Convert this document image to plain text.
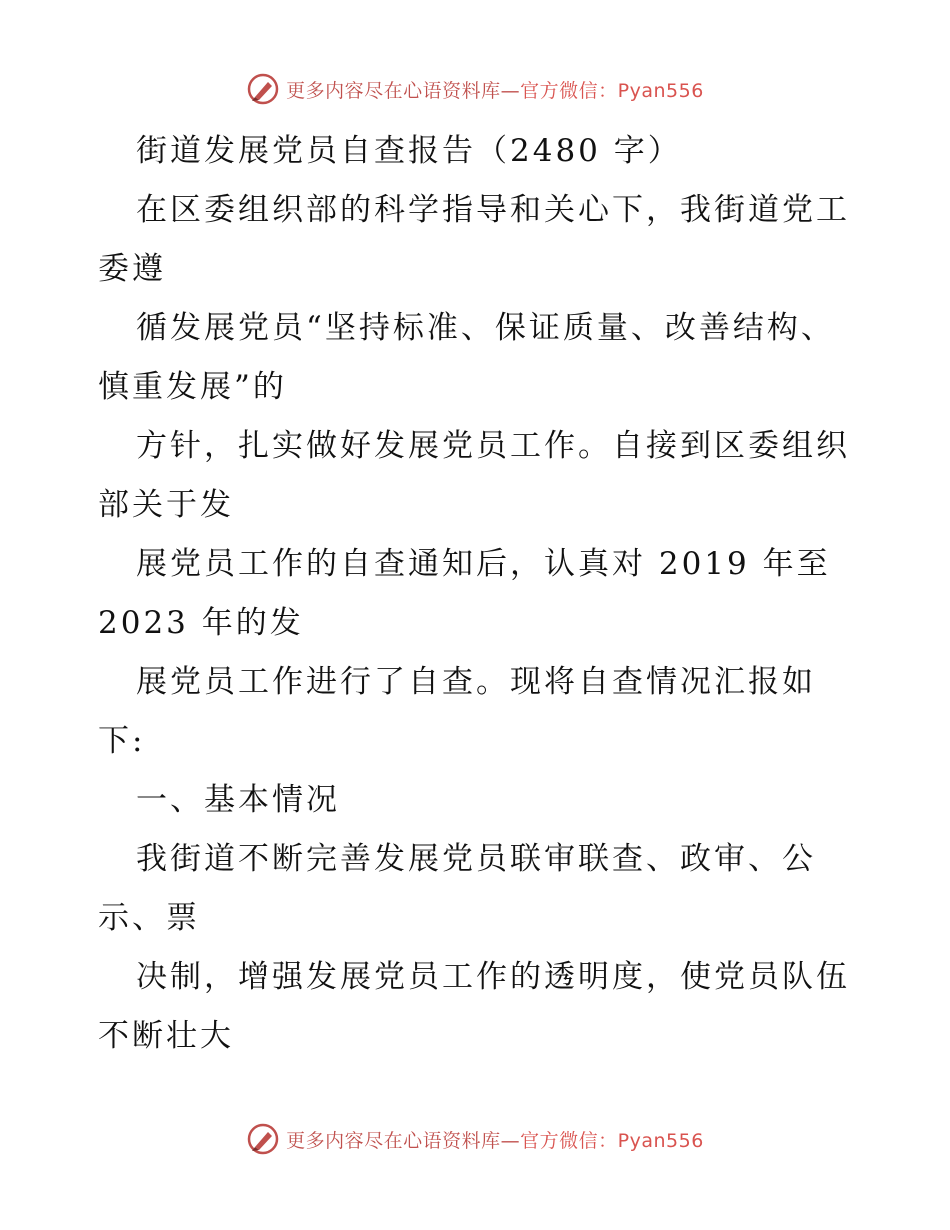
更多内容尽在心语资料库—官方微信：Pyan556
街道发展党员自查报告（2480 字）
在区委组织部的科学指导和关心下，我街道党工
委遵
循发展党员“坚持标准、保证质量、改善结构、
慎重发展”的
方针，扎实做好发展党员工作。自接到区委组织
部关于发
展党员工作的自查通知后，认真对 2019 年至
2023 年的发
展党员工作进行了自查。现将自查情况汇报如
下:
一、基本情况
我街道不断完善发展党员联审联查、政审、公
示、票
决制，增强发展党员工作的透明度，使党员队伍
不断壮大
更多内容尽在心语资料库—官方微信：Pyan556
